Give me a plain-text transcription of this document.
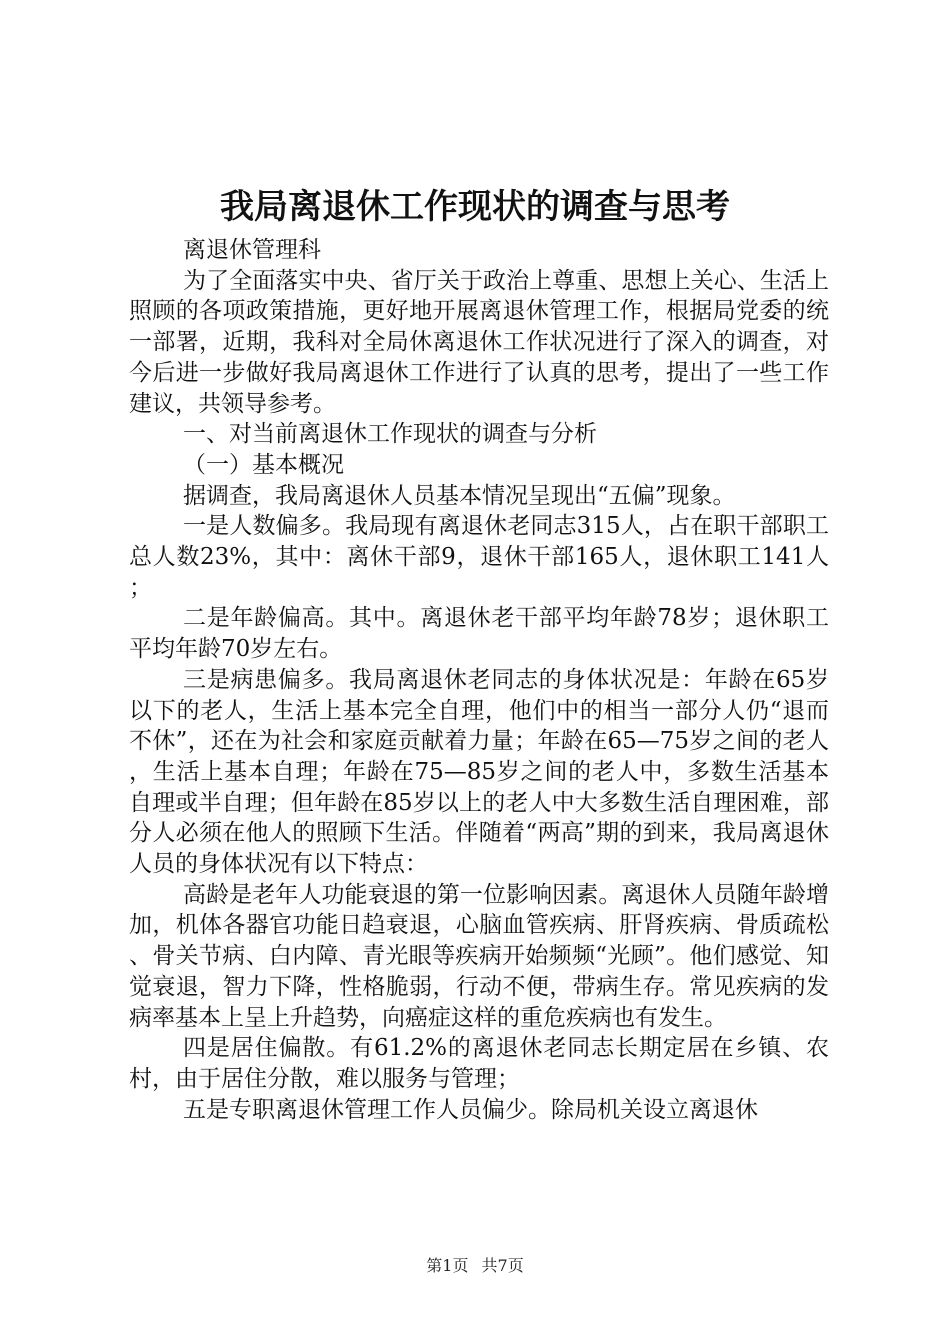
我局离退休工作现状的调查与思考

离退休管理科

为了全面落实中央、省厅关于政治上尊重、思想上关心、生活上照顾的各项政策措施，更好地开展离退休管理工作，根据局党委的统一部署，近期，我科对全局休离退休工作状况进行了深入的调查，对今后进一步做好我局离退休工作进行了认真的思考，提出了一些工作建议，共领导参考。

一、对当前离退休工作现状的调查与分析

（一）基本概况

据调查，我局离退休人员基本情况呈现出“五偏”现象。

一是人数偏多。我局现有离退休老同志315人，占在职干部职工总人数23%，其中：离休干部9，退休干部165人，退休职工141人；

二是年龄偏高。其中。离退休老干部平均年龄78岁；退休职工平均年龄70岁左右。

三是病患偏多。我局离退休老同志的身体状况是：年龄在65岁以下的老人，生活上基本完全自理，他们中的相当一部分人仍“退而不休”，还在为社会和家庭贡献着力量；年龄在65—75岁之间的老人，生活上基本自理；年龄在75—85岁之间的老人中，多数生活基本自理或半自理；但年龄在85岁以上的老人中大多数生活自理困难，部分人必须在他人的照顾下生活。伴随着“两高”期的到来，我局离退休人员的身体状况有以下特点：

高龄是老年人功能衰退的第一位影响因素。离退休人员随年龄增加，机体各器官功能日趋衰退，心脑血管疾病、肝肾疾病、骨质疏松、骨关节病、白内障、青光眼等疾病开始频频“光顾”。他们感觉、知觉衰退，智力下降，性格脆弱，行动不便，带病生存。常见疾病的发病率基本上呈上升趋势，向癌症这样的重危疾病也有发生。

四是居住偏散。有61.2%的离退休老同志长期定居在乡镇、农村，由于居住分散，难以服务与管理；

五是专职离退休管理工作人员偏少。除局机关设立离退休

第1页 共7页
